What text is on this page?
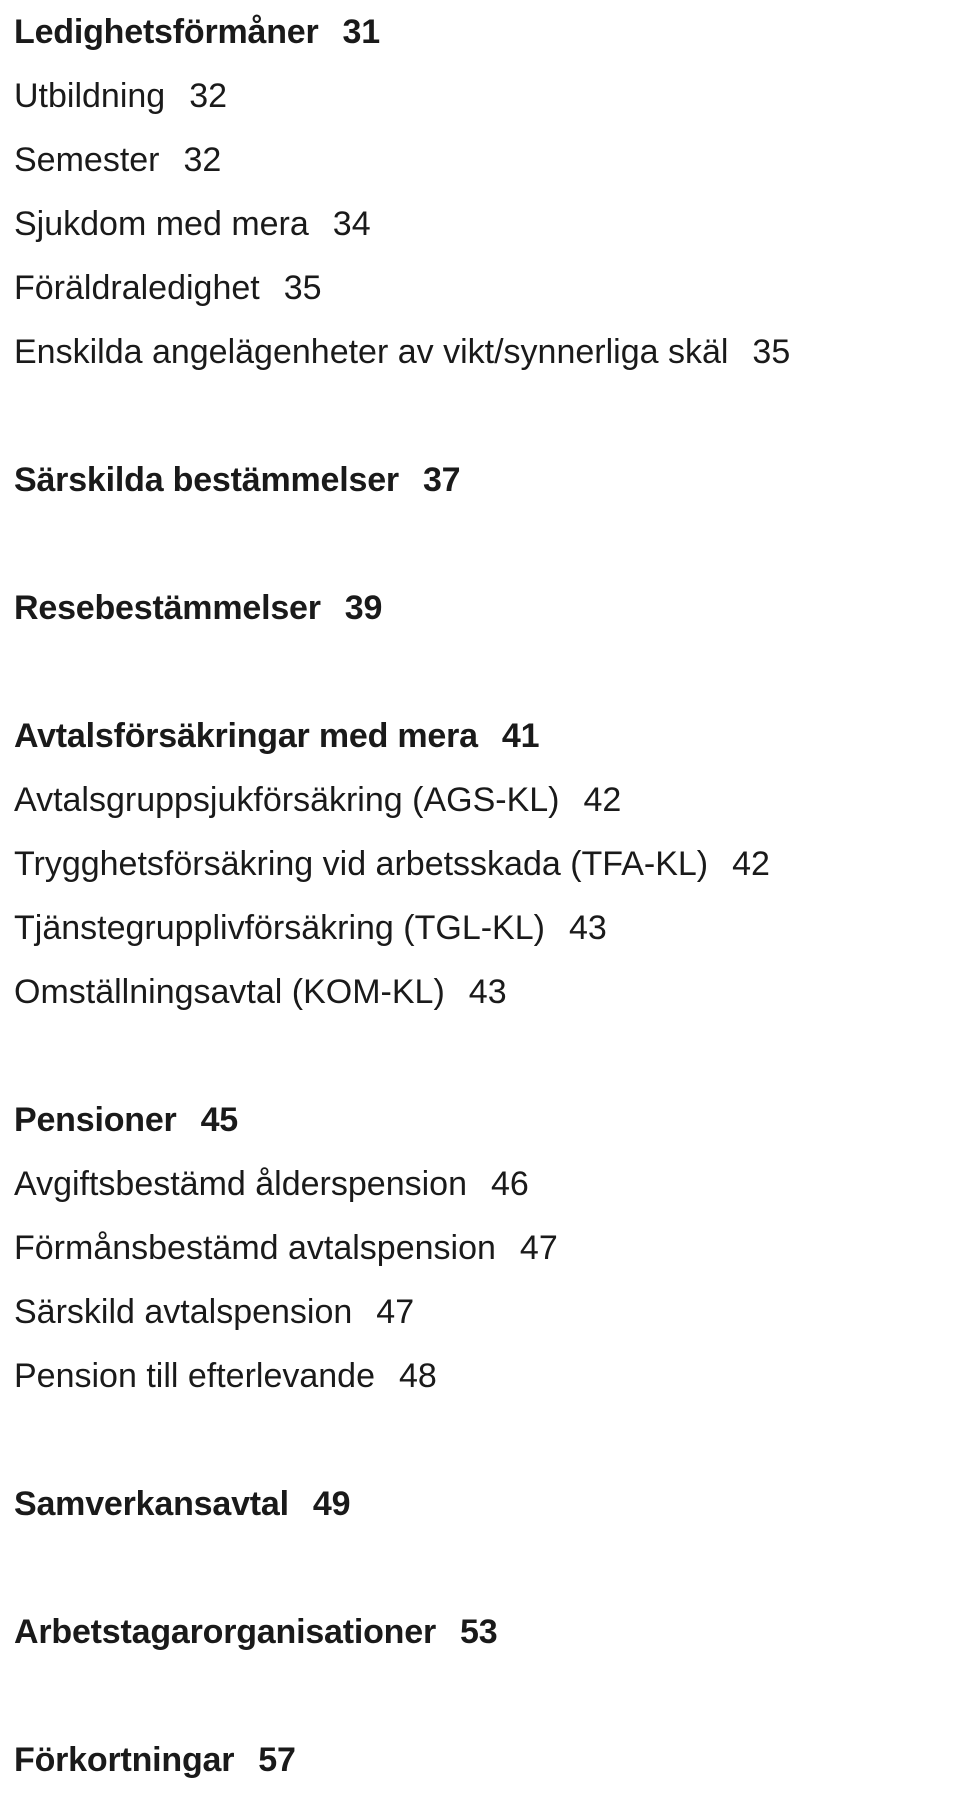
Ledighetsförmåner 31
Utbildning 32
Semester 32
Sjukdom med mera 34
Föräldraledighet 35
Enskilda angelägenheter av vikt/synnerliga skäl 35
Särskilda bestämmelser 37
Resebestämmelser 39
Avtalsförsäkringar med mera 41
Avtalsgruppsjukförsäkring (AGS-KL) 42
Trygghetsförsäkring vid arbetsskada (TFA-KL) 42
Tjänstegrupplivförsäkring (TGL-KL) 43
Omställningsavtal (KOM-KL) 43
Pensioner 45
Avgiftsbestämd ålderspension 46
Förmånsbestämd avtalspension 47
Särskild avtalspension 47
Pension till efterlevande 48
Samverkansavtal 49
Arbetstagarorganisationer 53
Förkortningar 57
